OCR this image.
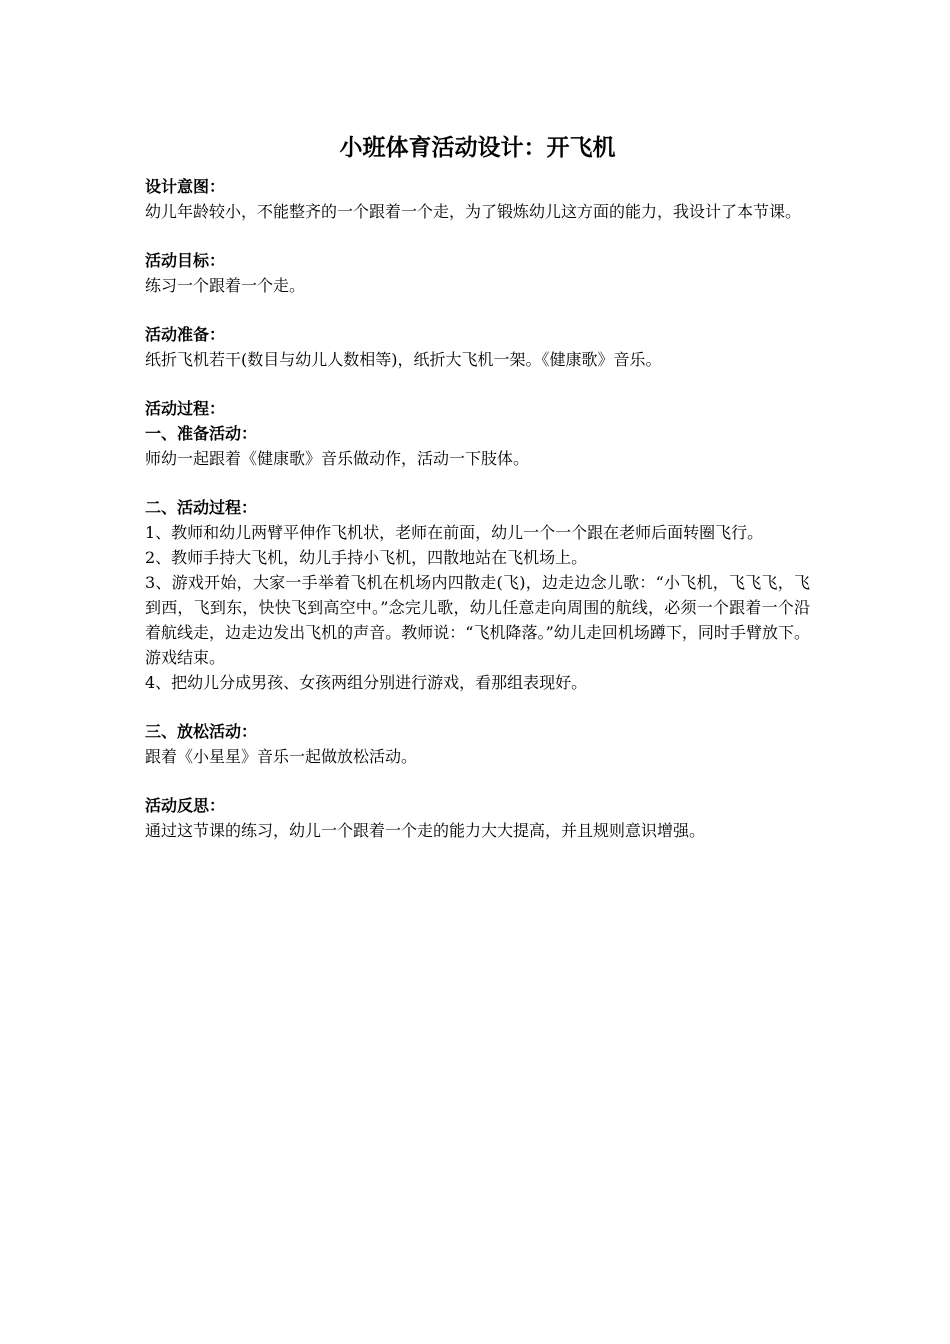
小班体育活动设计：开飞机
设计意图：
幼儿年龄较小，不能整齐的一个跟着一个走，为了锻炼幼儿这方面的能力，我设计了本节课。
活动目标：
练习一个跟着一个走。
活动准备：
纸折飞机若干(数目与幼儿人数相等)，纸折大飞机一架。《健康歌》音乐。
活动过程：
一、准备活动：
师幼一起跟着《健康歌》音乐做动作，活动一下肢体。
二、活动过程：
1、教师和幼儿两臂平伸作飞机状，老师在前面，幼儿一个一个跟在老师后面转圈飞行。
2、教师手持大飞机，幼儿手持小飞机，四散地站在飞机场上。
3、游戏开始，大家一手举着飞机在机场内四散走(飞)，边走边念儿歌：“小飞机，飞飞飞，飞到西，飞到东，快快飞到高空中。”念完儿歌，幼儿任意走向周围的航线，必须一个跟着一个沿着航线走，边走边发出飞机的声音。教师说：“飞机降落。”幼儿走回机场蹲下，同时手臂放下。游戏结束。
4、把幼儿分成男孩、女孩两组分别进行游戏，看那组表现好。
三、放松活动：
跟着《小星星》音乐一起做放松活动。
活动反思：
通过这节课的练习，幼儿一个跟着一个走的能力大大提高，并且规则意识增强。
